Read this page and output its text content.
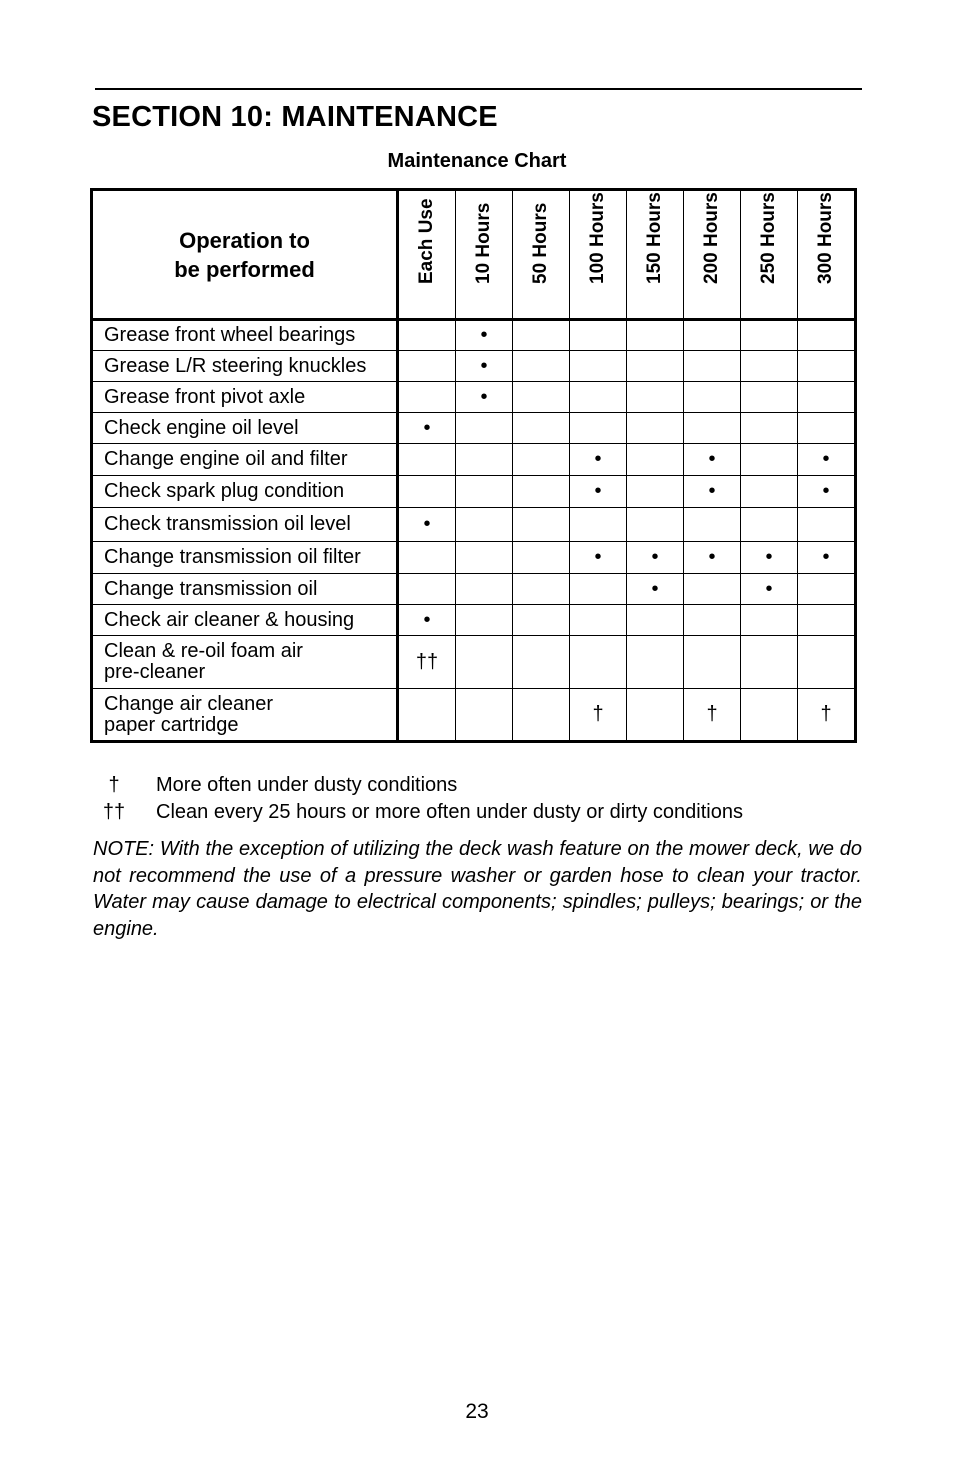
SECTION 10: MAINTENANCE
Maintenance Chart
Operation to
be performed	Each Use	10 Hours	50 Hours	100 Hours	150 Hours	200 Hours	250 Hours	300 Hours

Grease front wheel bearings		•						
Grease L/R steering knuckles		•						
Grease front pivot axle		•						
Check engine oil level	•							
Change engine oil and filter				•		•		•
Check spark plug condition				•		•		•
Check transmission oil level	•							
Change transmission oil filter				•	•	•	•	•
Change transmission oil					•		•	
Check air cleaner & housing	•							
Clean & re-oil foam air
pre-cleaner	††							
Change air cleaner
paper cartridge				†		†		†
†	More often under dusty conditions
††	Clean every 25 hours or more often under dusty or dirty conditions

NOTE: With the exception of utilizing the deck wash feature on the mower deck, we do not recommend the use of a pressure washer or garden hose to clean your tractor. Water may cause damage to electrical components; spindles; pulleys; bearings; or the engine.

23
